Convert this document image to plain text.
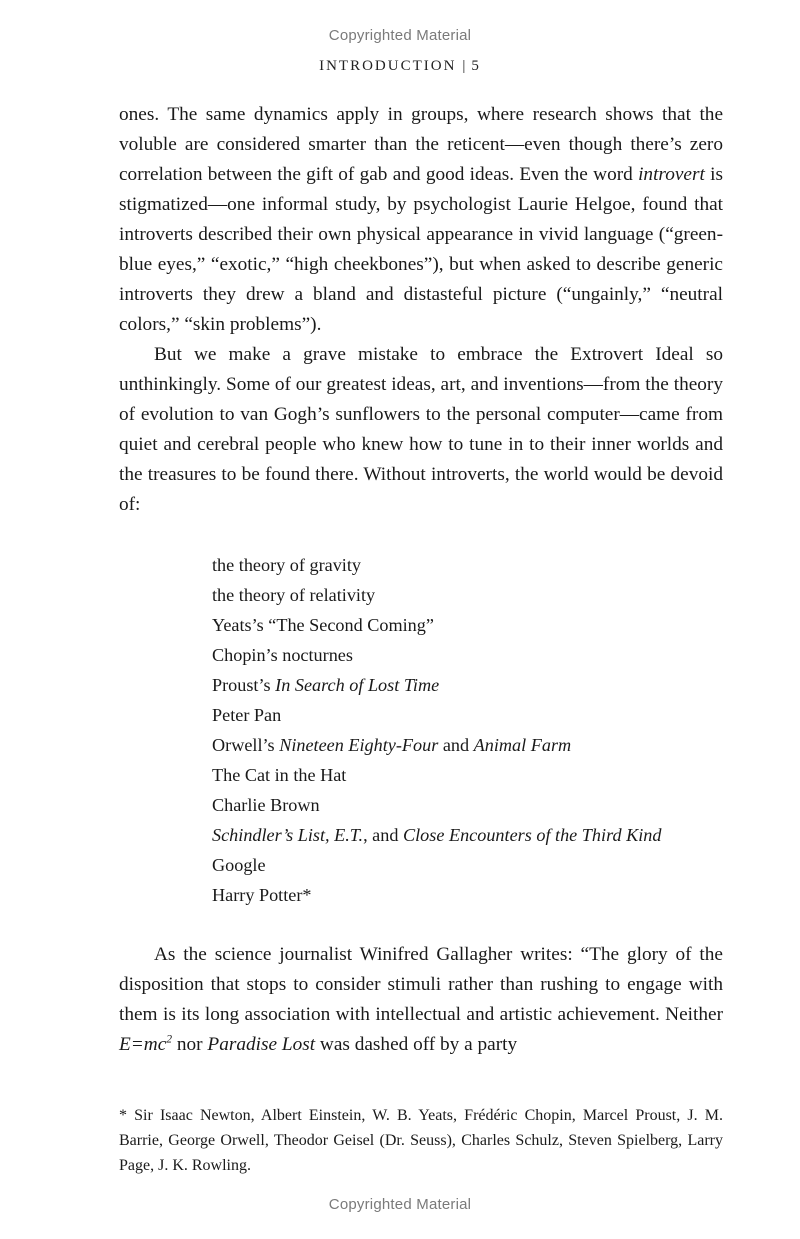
Copyrighted Material
INTRODUCTION | 5

ones. The same dynamics apply in groups, where research shows that the voluble are considered smarter than the reticent—even though there’s zero correlation between the gift of gab and good ideas. Even the word introvert is stigmatized—one informal study, by psychologist Laurie Helgoe, found that introverts described their own physical appearance in vivid language (“green-blue eyes,” “exotic,” “high cheekbones”), but when asked to describe generic introverts they drew a bland and distasteful picture (“ungainly,” “neutral colors,” “skin problems”).

But we make a grave mistake to embrace the Extrovert Ideal so unthinkingly. Some of our greatest ideas, art, and inventions—from the theory of evolution to van Gogh’s sunflowers to the personal computer—came from quiet and cerebral people who knew how to tune in to their inner worlds and the treasures to be found there. Without introverts, the world would be devoid of:

the theory of gravity
the theory of relativity
Yeats’s “The Second Coming”
Chopin’s nocturnes
Proust’s In Search of Lost Time
Peter Pan
Orwell’s Nineteen Eighty-Four and Animal Farm
The Cat in the Hat
Charlie Brown
Schindler’s List, E.T., and Close Encounters of the Third Kind
Google
Harry Potter*

As the science journalist Winifred Gallagher writes: “The glory of the disposition that stops to consider stimuli rather than rushing to engage with them is its long association with intellectual and artistic achievement. Neither $E=mc^2$ nor Paradise Lost was dashed off by a party

* Sir Isaac Newton, Albert Einstein, W. B. Yeats, Frédéric Chopin, Marcel Proust, J. M. Barrie, George Orwell, Theodor Geisel (Dr. Seuss), Charles Schulz, Steven Spielberg, Larry Page, J. K. Rowling.
Copyrighted Material
